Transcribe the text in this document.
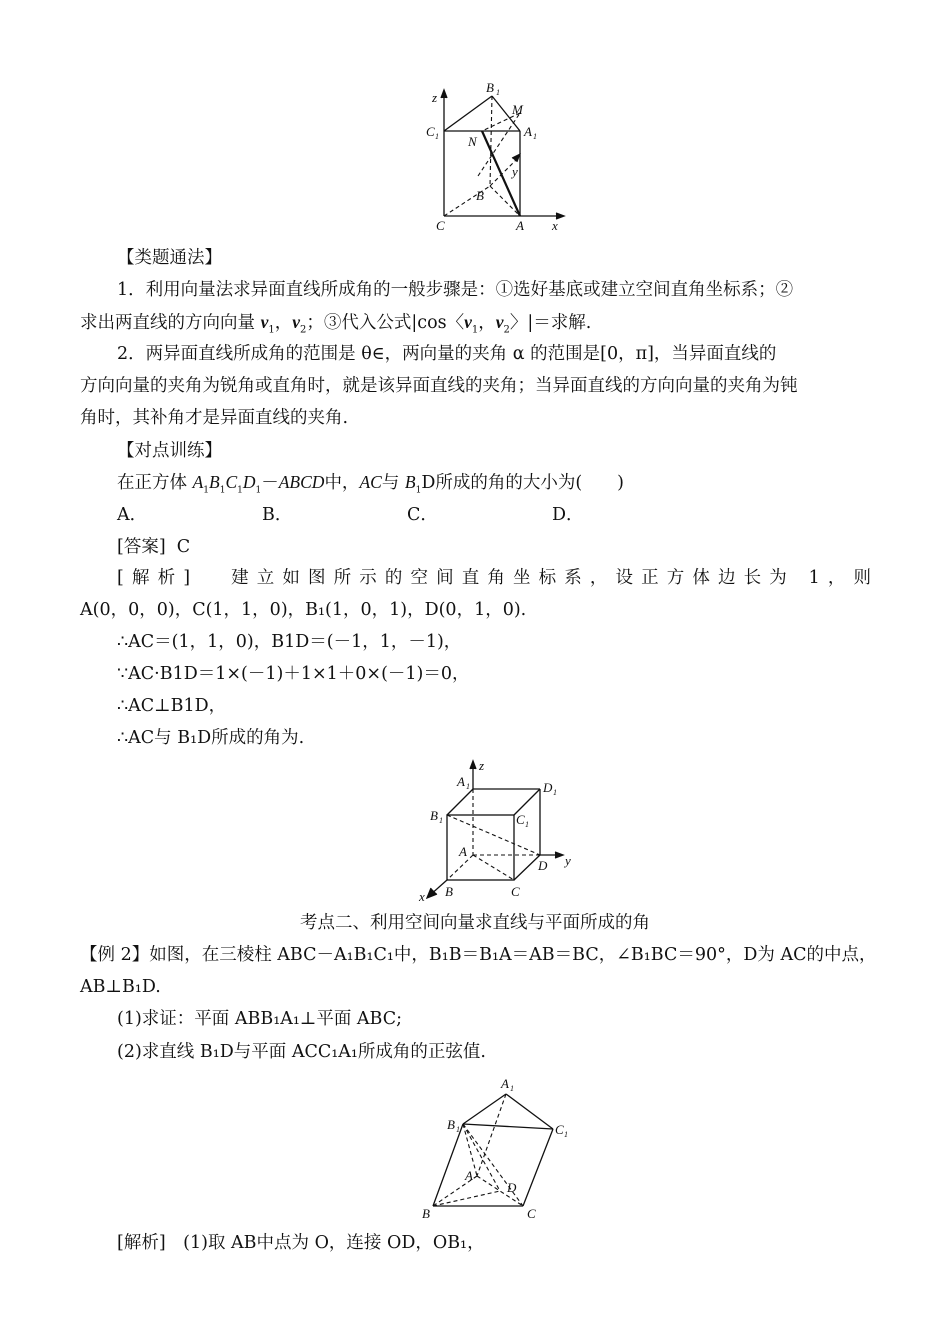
z
B 1
M
C 1 N
A 1
y
B
C	A x
【类题通法】
1．利用向量法求异面直线所成角的一般步骤是：①选好基底或建立空间直角坐标系；②
求出两直线的方向向量 $v_1$，$v_2$；③代入公式|cos〈$v_1$，$v_2$〉|＝求解.
2．两异面直线所成角的范围是 θ∈，两向量的夹角 α 的范围是[0，π]，当异面直线的
方向向量的夹角为锐角或直角时，就是该异面直线的夹角；当异面直线的方向向量的夹角为钝
角时，其补角才是异面直线的夹角.
【对点训练】
在正方体 $A_1B_1C_1D_1-ABCD$中，AC与 $B_1D$所成的角的大小为(　　)
A．	B．	C．	D．
[答案] C
[解析] 建立如图所示的空间直角坐标系，设正方体边长为 1，则
A(0，0，0)，C(1，1，0)，B₁(1，0，1)，D(0，1，0).
∴AC＝(1，1，0)，B1D＝(－1，1，－1)，
∵AC·B1D＝1×(－1)＋1×1＋0×(－1)＝0，
∴AC⊥B1D，
∴AC与 B₁D所成的角为.
A 1
z
D 1
B 1	C 1
A
D y
x B	C
考点二、利用空间向量求直线与平面所成的角
【例 2】如图，在三棱柱 ABC－A₁B₁C₁中，B₁B＝B₁A＝AB＝BC，∠B₁BC＝90°，D为 AC的中点，
AB⊥B₁D.
(1)求证：平面 ABB₁A₁⊥平面 ABC;
(2)求直线 B₁D与平面 ACC₁A₁所成角的正弦值.
A 1
B 1	C 1
A
D
B	C
[解析]　(1)取 AB中点为 O，连接 OD，OB₁，
